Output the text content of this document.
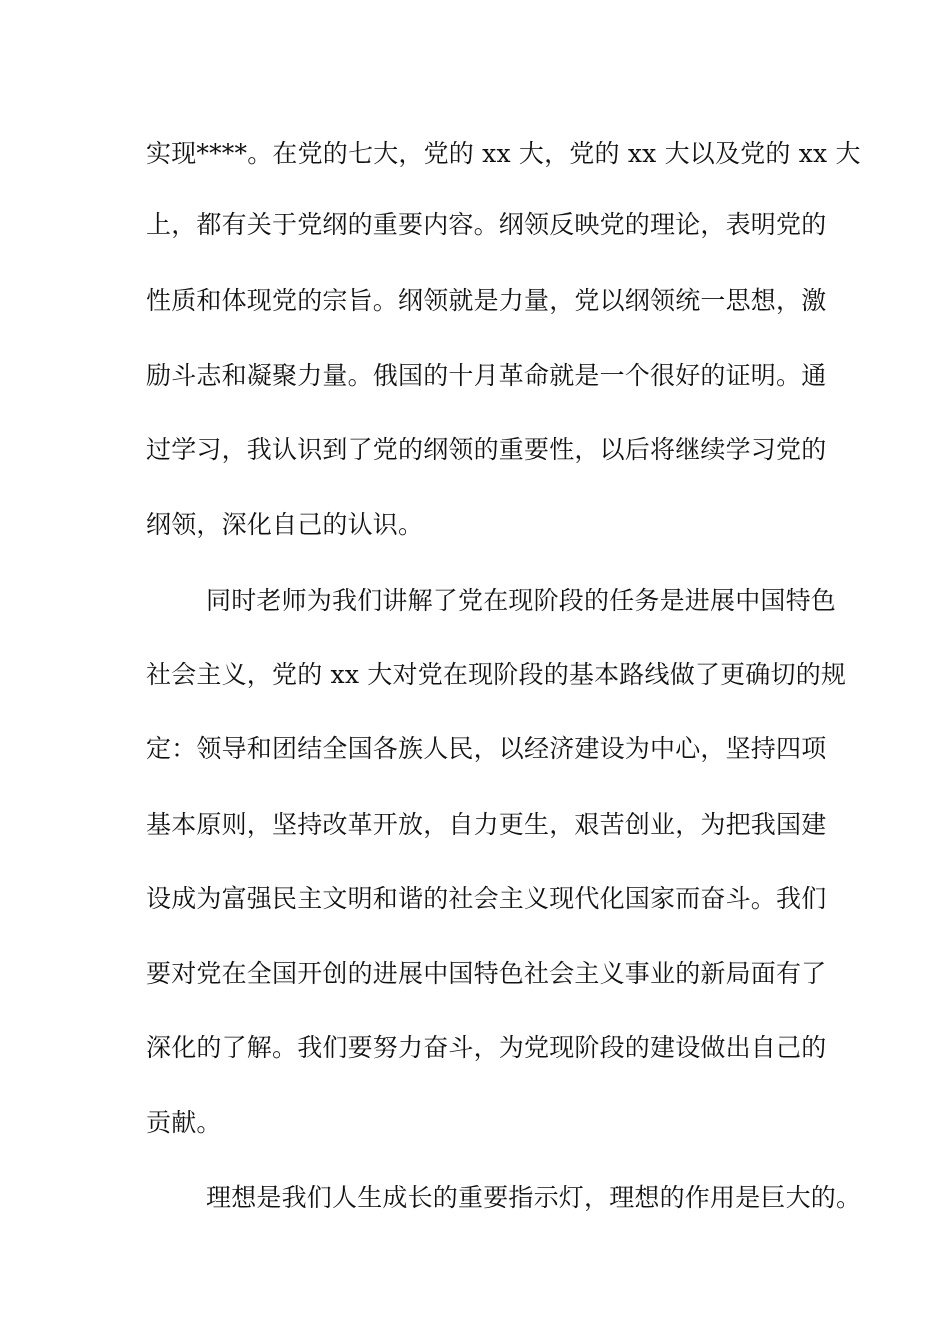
实现****。在党的七大，党的 xx 大，党的 xx 大以及党的 xx 大
上，都有关于党纲的重要内容。纲领反映党的理论，表明党的
性质和体现党的宗旨。纲领就是力量，党以纲领统一思想，激
励斗志和凝聚力量。俄国的十月革命就是一个很好的证明。通
过学习，我认识到了党的纲领的重要性，以后将继续学习党的
纲领，深化自己的认识。
同时老师为我们讲解了党在现阶段的任务是进展中国特色
社会主义，党的 xx 大对党在现阶段的基本路线做了更确切的规
定：领导和团结全国各族人民，以经济建设为中心，坚持四项
基本原则，坚持改革开放，自力更生，艰苦创业，为把我国建
设成为富强民主文明和谐的社会主义现代化国家而奋斗。我们
要对党在全国开创的进展中国特色社会主义事业的新局面有了
深化的了解。我们要努力奋斗，为党现阶段的建设做出自己的
贡献。
理想是我们人生成长的重要指示灯，理想的作用是巨大的。
